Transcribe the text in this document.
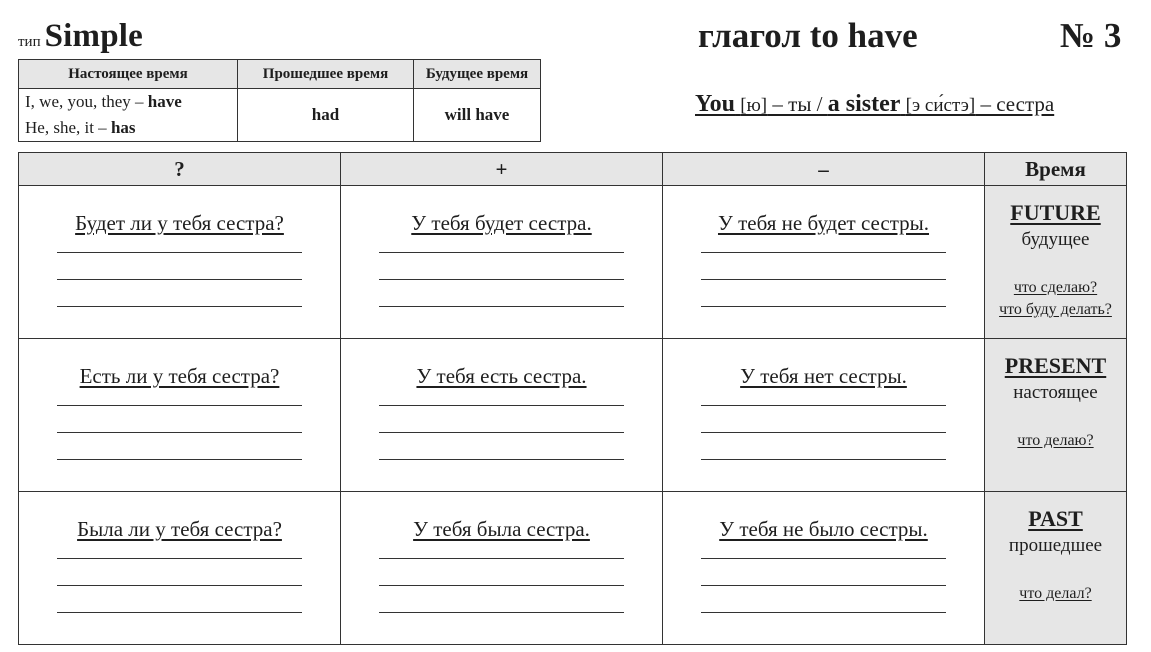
тип Simple	глагол to have	№ 3
Настоящее время	Прошедшее время	Будущее время

I, we, you, they – have
He, she, it – has	had	will have	You [ю] – ты / a sister [э си́стэ] – сестра
?	+	–	Время

Будет ли у тебя сестра?	У тебя будет сестра.	У тебя не будет сестры.	FUTURE
будущее
что сделаю?
что буду делать?

Есть ли у тебя сестра?	У тебя есть сестра.	У тебя нет сестры.	PRESENT
настоящее
что делаю?

Была ли у тебя сестра?	У тебя была сестра.	У тебя не было сестры.	PAST
прошедшее
что делал?
